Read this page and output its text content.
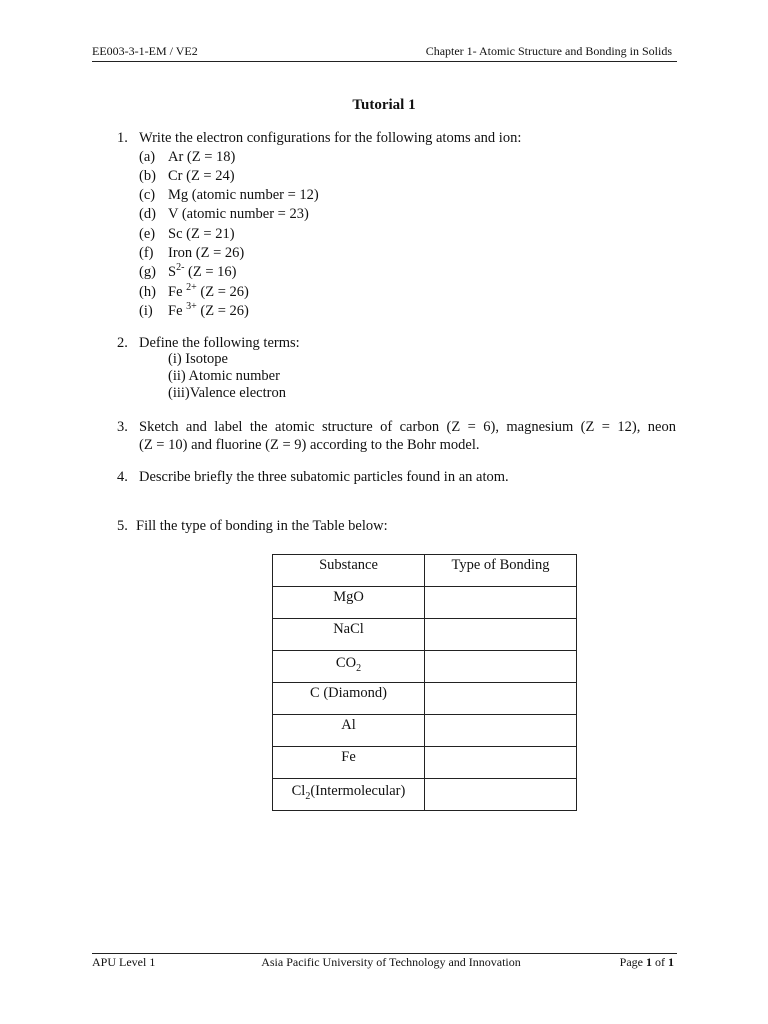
EE003-3-1-EM / VE2	Chapter 1- Atomic Structure and Bonding in Solids
Tutorial 1
1. Write the electron configurations for the following atoms and ion:
(a) Ar (Z = 18)
(b) Cr (Z = 24)
(c) Mg (atomic number = 12)
(d) V (atomic number = 23)
(e) Sc (Z = 21)
(f) Iron (Z = 26)
(g) $S^{2-}$ (Z = 16)
(h) Fe $^{2+}$ (Z = 26)
(i) Fe $^{3+}$ (Z = 26)
2. Define the following terms:
(i) Isotope
(ii) Atomic number
(iii)Valence electron
3. Sketch and label the atomic structure of carbon (Z = 6), magnesium (Z = 12), neon
(Z = 10) and fluorine (Z = 9) according to the Bohr model.
4. Describe briefly the three subatomic particles found in an atom.
5. Fill the type of bonding in the Table below:
Substance	Type of Bonding
MgO	
NaCl	
$CO_2$	
C (Diamond)	
Al	
Fe	
$Cl_2(Intermolecular)$	
APU Level 1	Asia Pacific University of Technology and Innovation	Page 1 of 1
